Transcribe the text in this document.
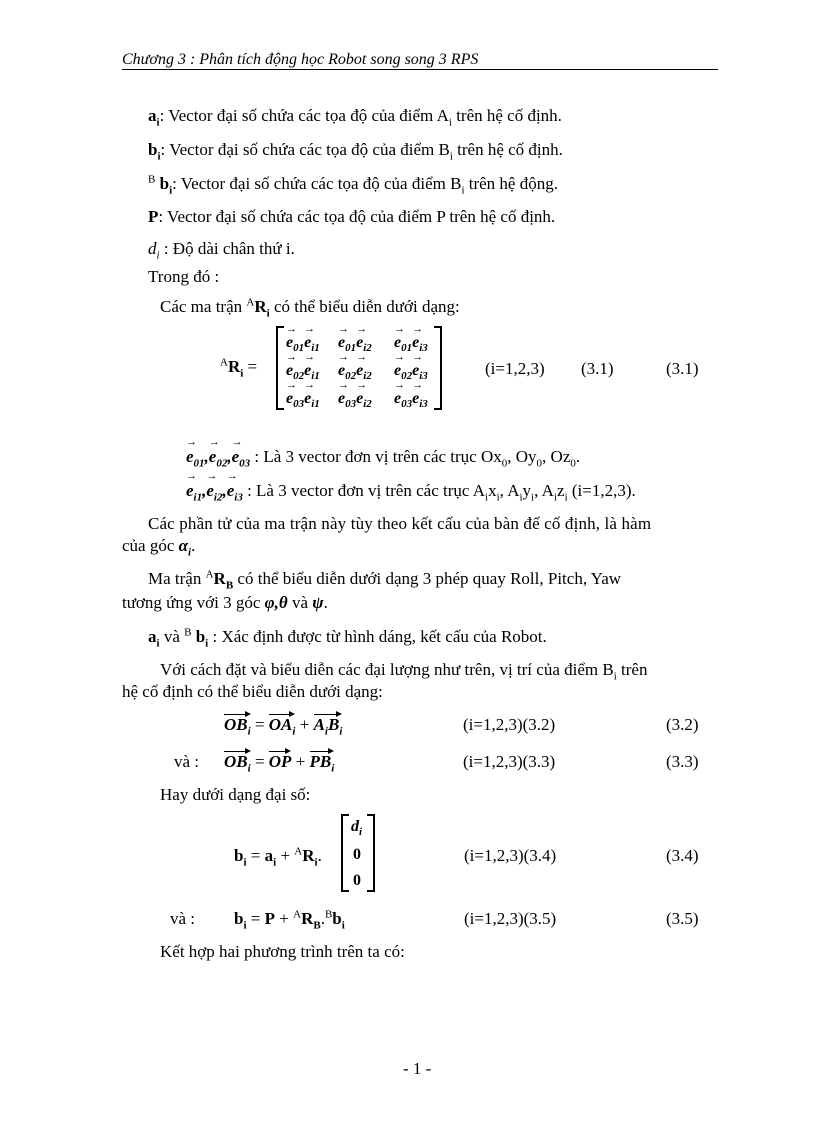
Chương 3 : Phân tích động học Robot song song 3 RPS
$a_i$: Vector đại số chứa các tọa độ của điểm $A_i$ trên hệ cố định.
$b_i$: Vector đại số chứa các tọa độ của điểm $B_i$ trên hệ cố định.
$^B$ $b_i$: Vector đại số chứa các tọa độ của điểm $B_i$ trên hệ động.
P: Vector đại số chứa các tọa độ của điểm P trên hệ cố định.
$d_i$ : Độ dài chân thứ i.
Trong đó :
Các ma trận $^AR_i$ có thể biểu diễn dưới dạng:
$^AR_i$ =
→ $e_{01}\to e_{i1}$
→ $e_{01}\to e_{i2}$
→ $e_{01}\to e_{i3}$
→ $e_{02}\to e_{i1}$
→ $e_{02}\to e_{i2}$
→ $e_{02}\to e_{i3}$
→ $e_{03}\to e_{i1}$
→ $e_{03}\to e_{i2}$
→ $e_{03}\to e_{i3}$
(i=1,2,3) (3.1)	(3.1)
→ $e_{01},\to e_{02},\to e_{03}$ : Là 3 vector đơn vị trên các trục $Ox_0$, $Oy_0$, $Oz_0$.
→ $e_{i1},\to e_{i2},\to e_{i3}$ : Là 3 vector đơn vị trên các trục $A_ix_i$, $A_iy_i$, $A_iz_i$ (i=1,2,3).
Các phần tử của ma trận này tùy theo kết cấu của bàn đế cố định, là hàm
của góc $\alpha_i$.
Ma trận $^AR_B$ có thể biểu diễn dưới dạng 3 phép quay Roll, Pitch, Yaw
tương ứng với 3 góc φ,θ và ψ.
$a_i$ và $^B$ $b_i$ : Xác định được từ hình dáng, kết cấu của Robot.
Với cách đặt và biểu diễn các đại lượng như trên, vị trí của điểm $B_i$ trên
hệ cố định có thể biểu diễn dưới dạng:
$OB_i = OA_i + A_iB_i$	(i=1,2,3)(3.2)	(3.2)
và : $OB_i$ = OP + $PB_i$	(i=1,2,3)(3.3)	(3.3)
Hay dưới dạng đại số:
$b_i = a_i + ^AR_i$.
$d_i$
0
0
(i=1,2,3)(3.4)	(3.4)
và : $b_i = P + ^AR_B.^Bb_i$	(i=1,2,3)(3.5)	(3.5)
Kết hợp hai phương trình trên ta có:
- 1 -
